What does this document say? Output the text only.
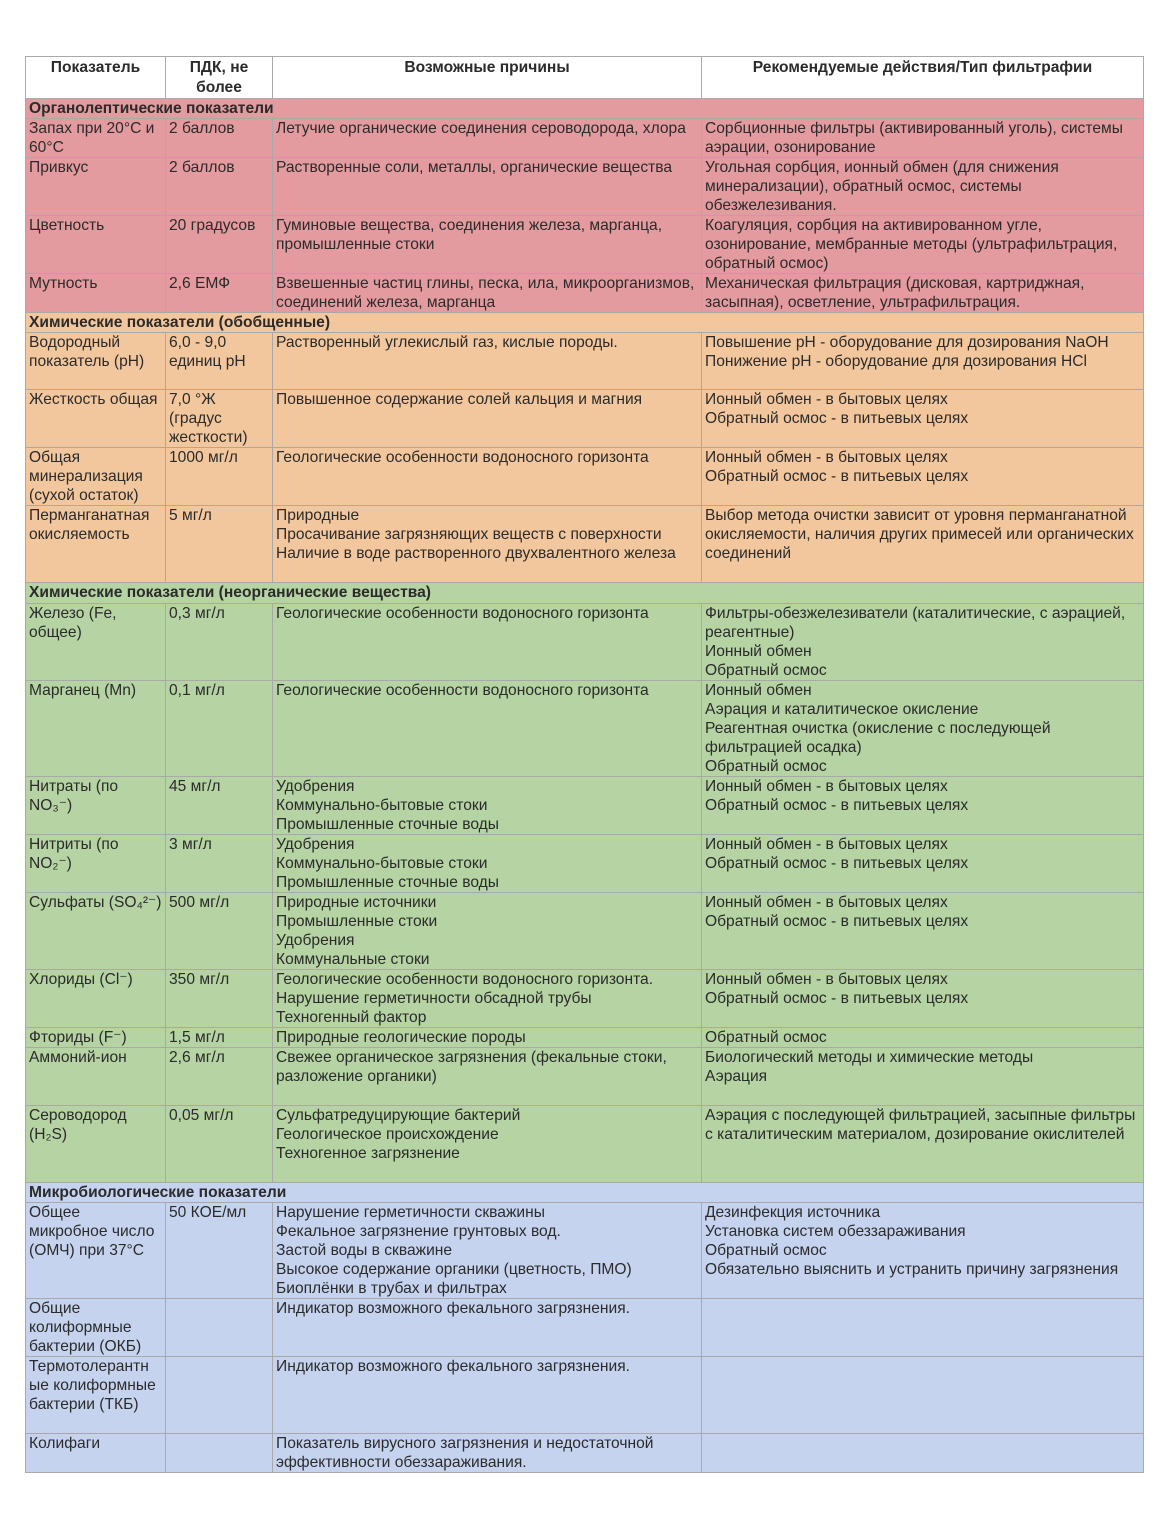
Показатель	ПДК, не более	Возможные причины	Рекомендуемые действия/Тип фильтрафии
Органолептические показатели			

Запах при 20°С и 60°С	2 баллов	Летучие органические соединения сероводорода, хлора	Сорбционные фильтры (активированный уголь), системы аэрации, озонирование

Привкус	2 баллов	Растворенные соли, металлы, органические вещества	Угольная сорбция, ионный обмен (для снижения минерализации), обратный осмос, системы обезжелезивания.

Цветность	20 градусов	Гуминовые вещества, соединения железа, марганца, промышленные стоки	Коагуляция, сорбция на активированном угле, озонирование, мембранные методы (ультрафильтрация, обратный осмос)

Мутность	2,6 ЕМФ	Взвешенные частиц глины, песка, ила, микроорганизмов, соединений железа, марганца	Механическая фильтрация (дисковая, картриджная, засыпная), осветление, ультрафильтрация.

Химические показатели (обобщенные)			

Водородный показатель (рН)	6,0 - 9,0 единиц рН	Растворенный углекислый газ, кислые породы.	Повышение рН - оборудование для дозирования NaOH
Понижение рН - оборудование для дозирования HCl

Жесткость общая	7,0 °Ж (градус жесткости)	Повышенное содержание солей кальция и магния	Ионный обмен - в бытовых целях
Обратный осмос - в питьевых целях

Общая минерализация (сухой остаток)	1000 мг/л	Геологические особенности водоносного горизонта	Ионный обмен - в бытовых целях
Обратный осмос - в питьевых целях

Перманганатная окисляемость	5 мг/л	Природные
Просачивание загрязняющих веществ с поверхности
Наличие в воде растворенного двухвалентного железа	Выбор метода очистки зависит от уровня перманганатной окисляемости, наличия других примесей или органических соединений

Химические показатели (неорганические вещества)			

Железо (Fe, общее)	0,3 мг/л	Геологические особенности водоносного горизонта	Фильтры-обезжелезиватели (каталитические, с аэрацией, реагентные)
Ионный обмен
Обратный осмос

Марганец (Mn)	0,1 мг/л	Геологические особенности водоносного горизонта	Ионный обмен
Аэрация и каталитическое окисление
Реагентная очистка (окисление с последующей фильтрацией осадка)
Обратный осмос

Нитраты (по NO₃⁻)	45 мг/л	Удобрения
Коммунально-бытовые стоки
Промышленные сточные воды	Ионный обмен - в бытовых целях
Обратный осмос - в питьевых целях

Нитриты (по NO₂⁻)	3 мг/л	Удобрения
Коммунально-бытовые стоки
Промышленные сточные воды	Ионный обмен - в бытовых целях
Обратный осмос - в питьевых целях

Сульфаты (SO₄²⁻)	500 мг/л	Природные источники
Промышленные стоки
Удобрения
Коммунальные стоки	Ионный обмен - в бытовых целях
Обратный осмос - в питьевых целях

Хлориды (Cl⁻)	350 мг/л	Геологические особенности водоносного горизонта.
Нарушение герметичности обсадной трубы
Техногенный фактор	Ионный обмен - в бытовых целях
Обратный осмос - в питьевых целях

Фториды (F⁻)	1,5 мг/л	Природные геологические породы	Обратный осмос

Аммоний-ион	2,6 мг/л	Свежее органическое загрязнения (фекальные стоки, разложение органики)	Биологический методы и химические методы
Аэрация

Сероводород (H₂S)	0,05 мг/л	Сульфатредуцирующие бактерий
Геологическое происхождение
Техногенное загрязнение	Аэрация с последующей фильтрацией, засыпные фильтры с каталитическим материалом, дозирование окислителей

Микробиологические показатели			

Общее микробное число (ОМЧ) при 37°С	50 КОЕ/мл	Нарушение герметичности скважины
Фекальное загрязнение грунтовых вод.
Застой воды в скважине
Высокое содержание органики (цветность, ПМО)
Биоплёнки в трубах и фильтрах	Дезинфекция источника
Установка систем обеззараживания
Обратный осмос
Обязательно выяснить и устранить причину загрязнения

Общие колиформные бактерии (ОКБ)		Индикатор возможного фекального загрязнения.	

Термотолерантн ые колиформные бактерии (ТКБ)		Индикатор возможного фекального загрязнения.	

Колифаги		Показатель вирусного загрязнения и недостаточной эффективности обеззараживания.	
